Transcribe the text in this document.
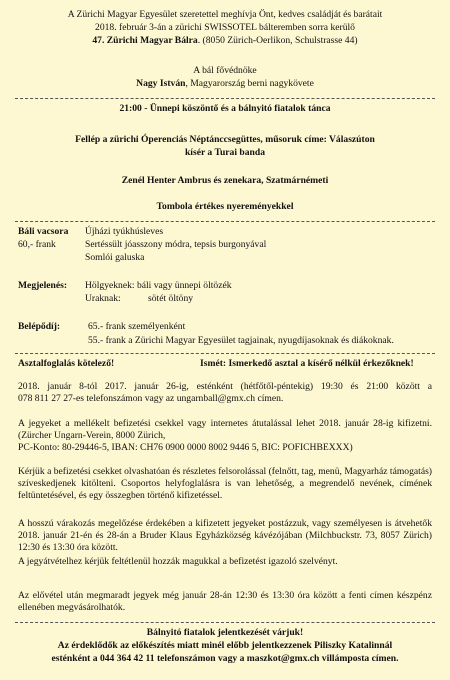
A Zürichi Magyar Egyesület szeretettel meghívja Önt, kedves családját és barátait
2018. február 3-án a zürichi SWISSOTEL bálteremben sorra kerülő
47. Zürichi Magyar Bálra. (8050 Zürich-Oerlikon, Schulstrasse 44)
A bál fővédnöke
Nagy István, Magyarország berni nagykövete
21:00 - Ünnepi köszöntő és a bálnyitó fiatalok tánca
Fellép a zürichi Óperenciás Néptánccsegüttes, műsoruk címe: Válaszúton
kísér a Turai banda
Zenél Henter Ambrus és zenekara, Szatmárnémeti
Tombola értékes nyereményekkel
Báli vacsora
60,- frank
Újházi tyúkhúsleves
Sertéssült jóasszony módra, tepsis burgonyával
Somlói galuska
Megjelenés: Hölgyeknek: báli vagy ünnepi öltözék
Uraknak:	sötét öltöny
Belépődíj:	65.- frank személyenként
55.- frank a Zürichi Magyar Egyesület tagjainak, nyugdíjasoknak és diákoknak.
Asztalfoglalás kötelező!	Ismét: Ismerkedő asztal a kísérő nélkül érkezőknek!
2018. január 8-tól 2017. január 26-ig, esténként (hétfőtől-péntekig) 19:30 és 21:00 között a
078 811 27 27-es telefonszámon vagy az ungarnball@gmx.ch címen.
A jegyeket a mellékelt befizetési csekkel vagy internetes átutalással lehet 2018. január 28-ig kifizetni. (Zürcher Ungarn-Verein, 8000 Zürich,
PC-Konto: 80-29446-5, IBAN: CH76 0900 0000 8002 9446 5, BIC: POFICHBEXXX)
Kérjük a befizetési csekket olvashatóan és részletes felsorolással (felnőtt, tag, menü, Magyarház támogatás) szíveskedjenek kitölteni. Csoportos helyfoglalásra is van lehetőség, a megrendelő nevének, címének feltüntetésével, és egy összegben történő kifizetéssel.
A hosszú várakozás megelőzése érdekében a kifizetett jegyeket postázzuk, vagy személyesen is átvehetők 2018. január 21-én és 28-án a Bruder Klaus Egyházközség kávézójában (Milchbuckstr. 73, 8057 Zürich) 12:30 és 13:30 óra között.
A jegyátvételhez kérjük feltétlenül hozzák magukkal a befizetést igazoló szelvényt.
Az elővétel után megmaradt jegyek még január 28-án 12:30 és 13:30 óra között a fenti címen készpénz ellenében megvásárolhatók.
Bálnyitó fiatalok jelentkezését várjuk!
Az érdeklődők az előkészítés miatt minél előbb jelentkezzenek Piliszky Katalinnál
esténként a 044 364 42 11 telefonszámon vagy a maszkot@gmx.ch villámposta címen.
